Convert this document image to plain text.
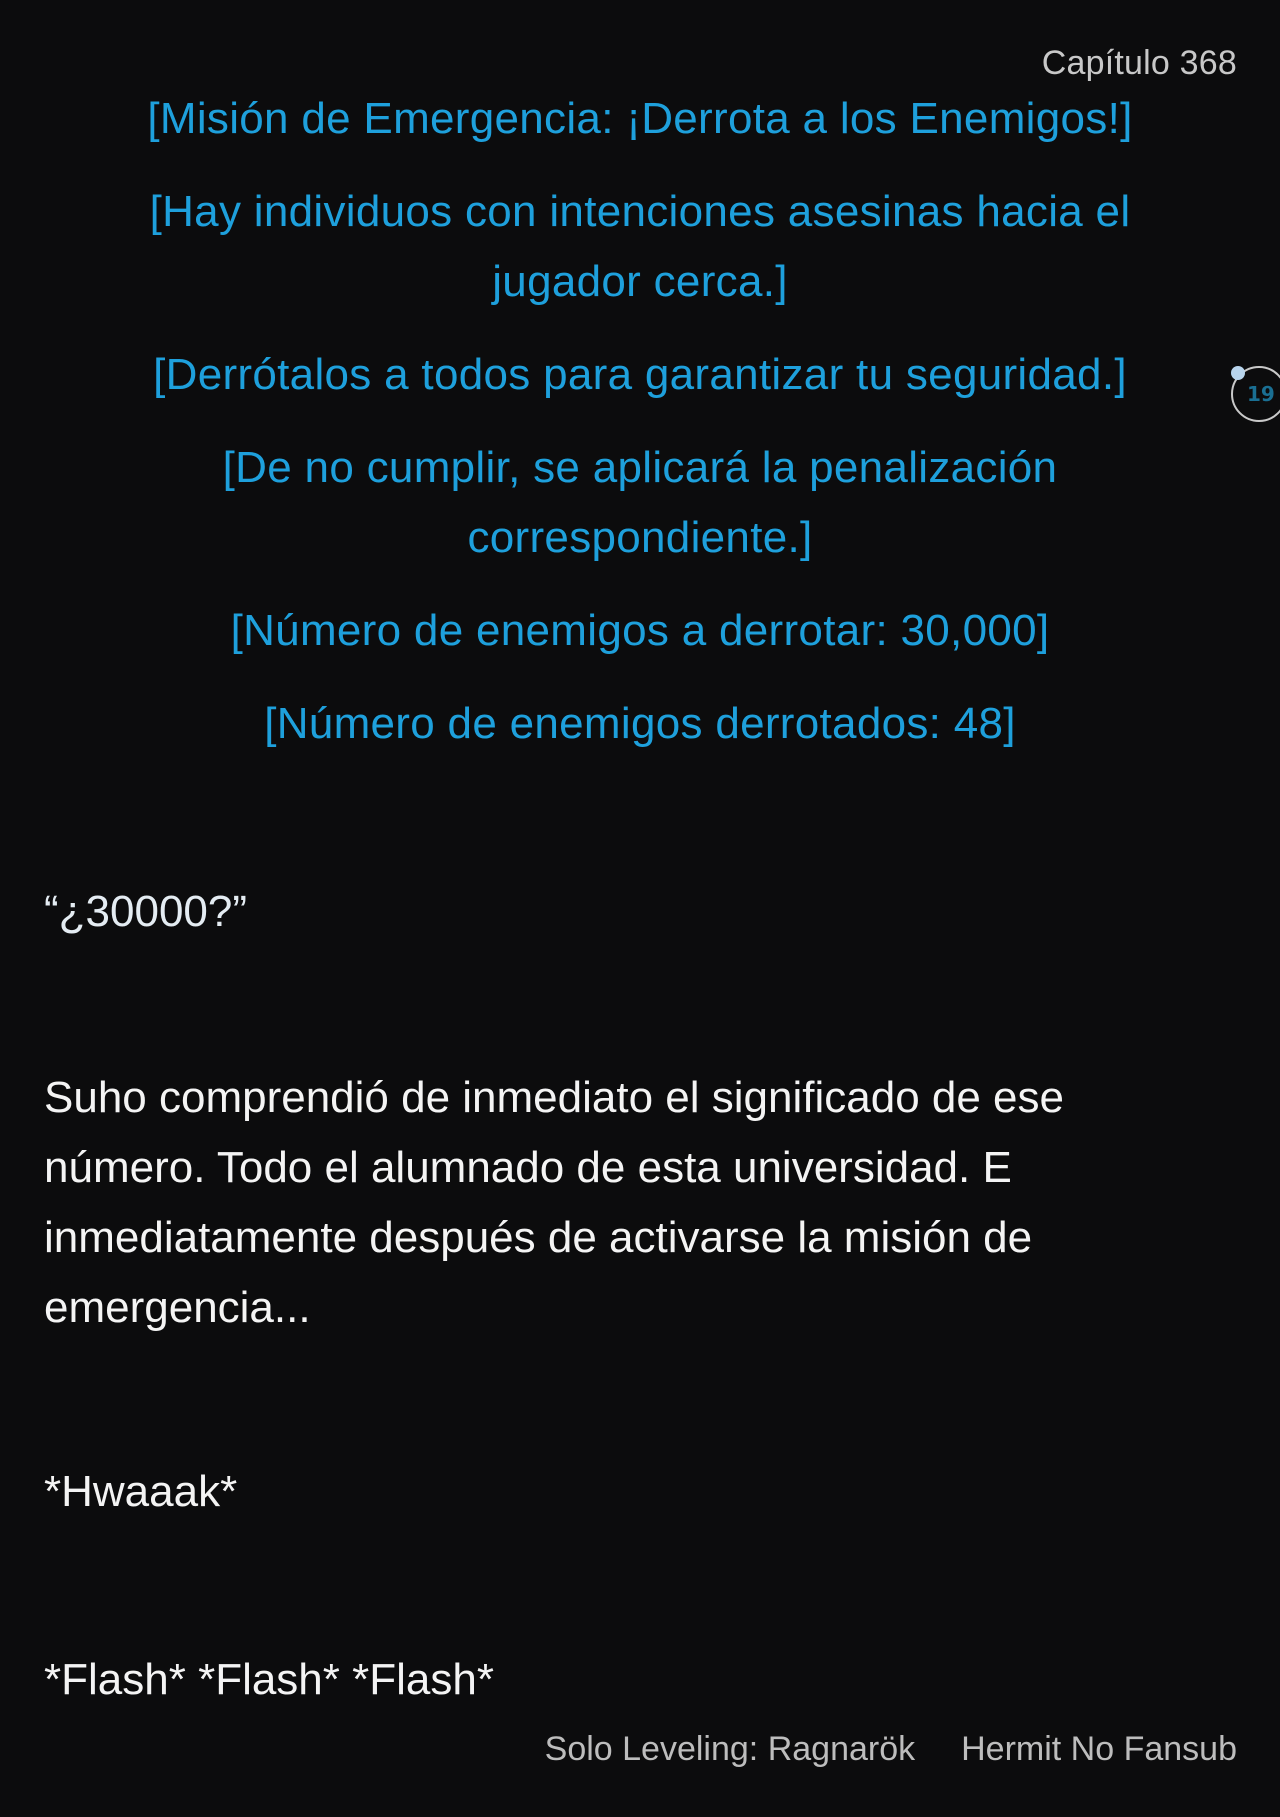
Capítulo 368

[Misión de Emergencia: ¡Derrota a los Enemigos!]

[Hay individuos con intenciones asesinas hacia el jugador cerca.]

[Derrótalos a todos para garantizar tu seguridad.]

[De no cumplir, se aplicará la penalización correspondiente.]

[Número de enemigos a derrotar: 30,000]

[Número de enemigos derrotados: 48]

19

“¿30000?”

Suho comprendió de inmediato el significado de ese número. Todo el alumnado de esta universidad. E inmediatamente después de activarse la misión de emergencia...

*Hwaaak*

*Flash* *Flash* *Flash*

Solo Leveling: Ragnarök Hermit No Fansub
